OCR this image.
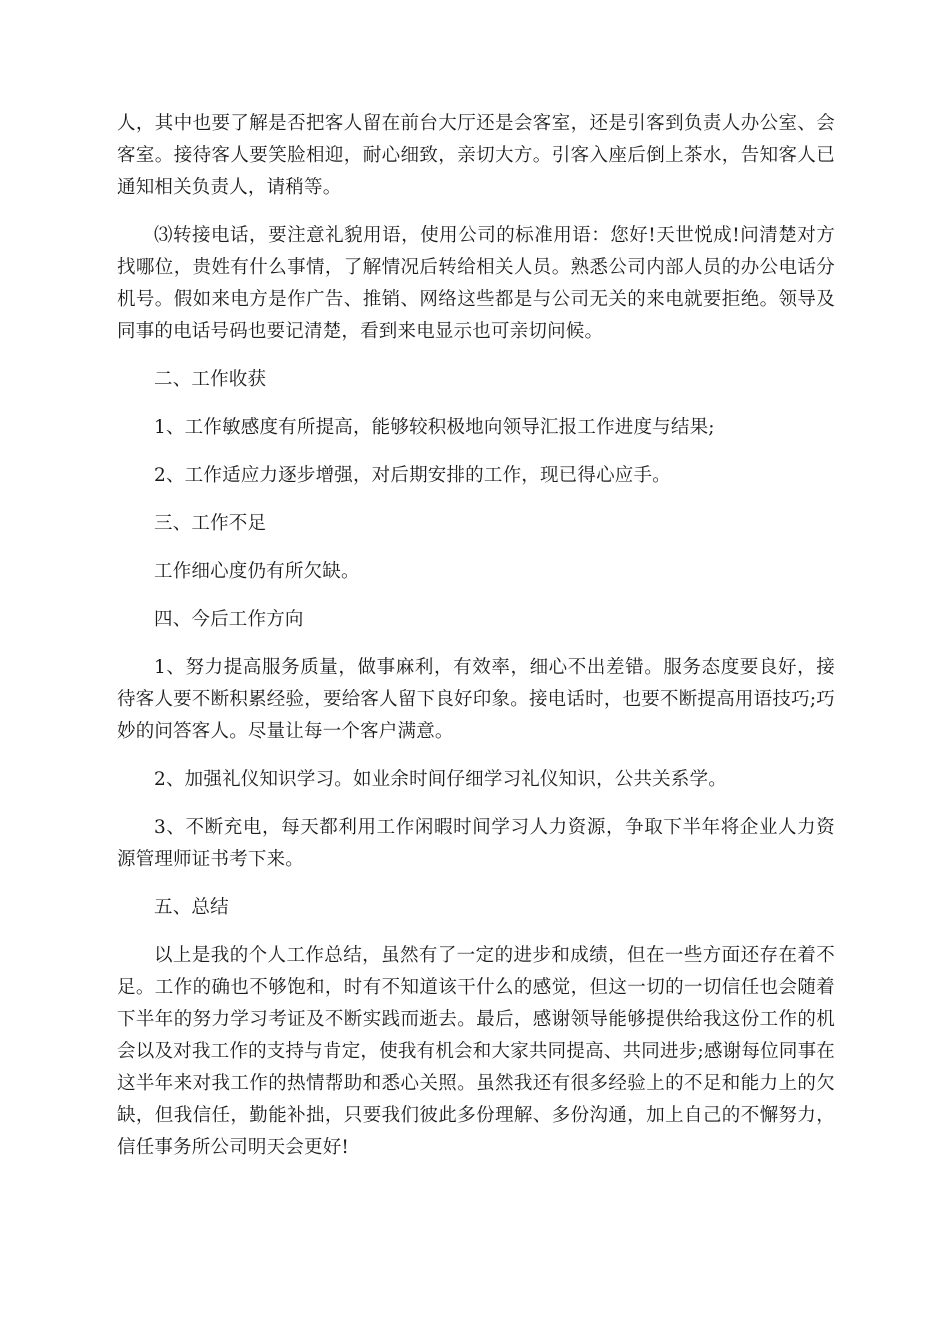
人，其中也要了解是否把客人留在前台大厅还是会客室，还是引客到负责人办公室、会客室。接待客人要笑脸相迎，耐心细致，亲切大方。引客入座后倒上茶水，告知客人已通知相关负责人，请稍等。

⑶转接电话，要注意礼貌用语，使用公司的标准用语：您好!天世悦成!问清楚对方找哪位，贵姓有什么事情，了解情况后转给相关人员。熟悉公司内部人员的办公电话分机号。假如来电方是作广告、推销、网络这些都是与公司无关的来电就要拒绝。领导及同事的电话号码也要记清楚，看到来电显示也可亲切问候。

二、工作收获

1、工作敏感度有所提高，能够较积极地向领导汇报工作进度与结果;

2、工作适应力逐步增强，对后期安排的工作，现已得心应手。

三、工作不足

工作细心度仍有所欠缺。

四、今后工作方向

1、努力提高服务质量，做事麻利，有效率，细心不出差错。服务态度要良好，接待客人要不断积累经验，要给客人留下良好印象。接电话时，也要不断提高用语技巧;巧妙的问答客人。尽量让每一个客户满意。

2、加强礼仪知识学习。如业余时间仔细学习礼仪知识，公共关系学。

3、不断充电，每天都利用工作闲暇时间学习人力资源，争取下半年将企业人力资源管理师证书考下来。

五、总结

以上是我的个人工作总结，虽然有了一定的进步和成绩，但在一些方面还存在着不足。工作的确也不够饱和，时有不知道该干什么的感觉，但这一切的一切信任也会随着下半年的努力学习考证及不断实践而逝去。最后，感谢领导能够提供给我这份工作的机会以及对我工作的支持与肯定，使我有机会和大家共同提高、共同进步;感谢每位同事在这半年来对我工作的热情帮助和悉心关照。虽然我还有很多经验上的不足和能力上的欠缺，但我信任，勤能补拙，只要我们彼此多份理解、多份沟通，加上自己的不懈努力，信任事务所公司明天会更好!
